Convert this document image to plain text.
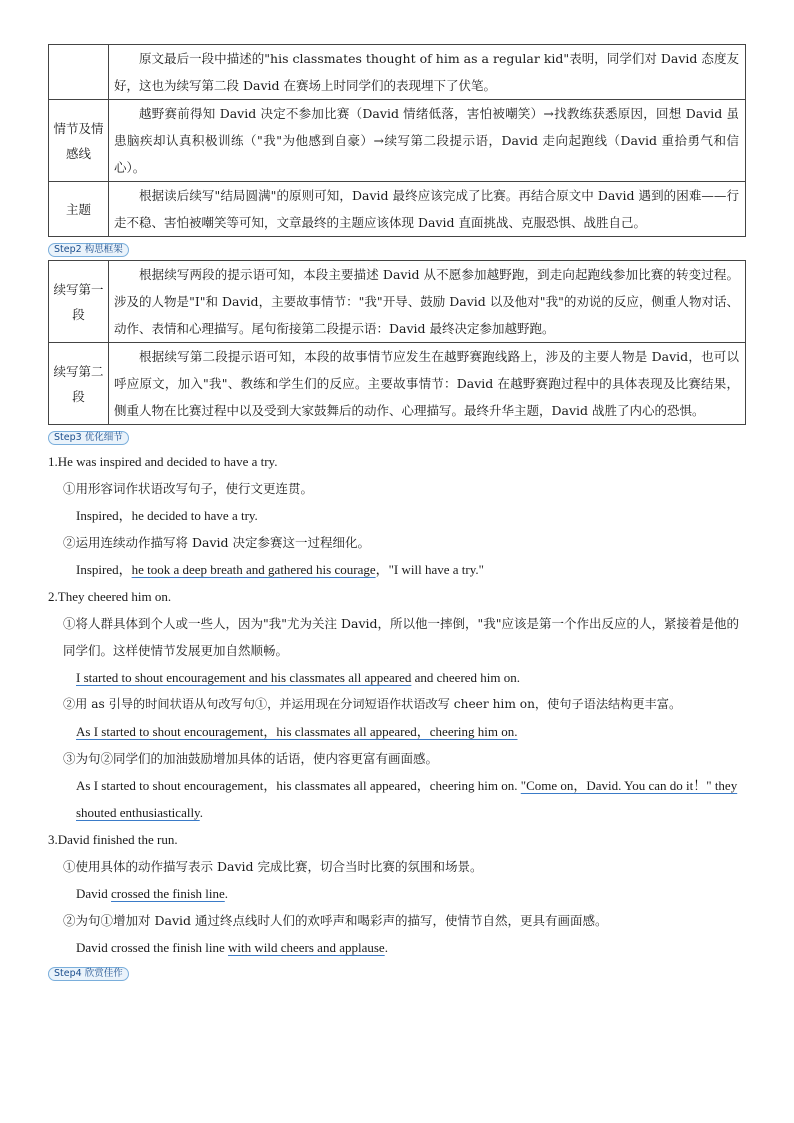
	原文最后一段中描述的"his classmates thought of him as a regular kid"表明，同学们对 David 态度友好，这也为续写第二段 David 在赛场上时同学们的表现埋下了伏笔。

情节及情感线	越野赛前得知 David 决定不参加比赛（David 情绪低落，害怕被嘲笑）→找教练获悉原因，回想 David 虽患脑疾却认真积极训练（"我"为他感到自豪）→续写第二段提示语，David 走向起跑线（David 重拾勇气和信心）。

主题	根据读后续写"结局圆满"的原则可知，David 最终应该完成了比赛。再结合原文中 David 遇到的困难——行走不稳、害怕被嘲笑等可知，文章最终的主题应该体现 David 直面挑战、克服恐惧、战胜自己。
Step2 构思框架
续写第一段	根据续写两段的提示语可知，本段主要描述 David 从不愿参加越野跑，到走向起跑线参加比赛的转变过程。涉及的人物是"I"和 David，主要故事情节："我"开导、鼓励 David 以及他对"我"的劝说的反应，侧重人物对话、动作、表情和心理描写。尾句衔接第二段提示语：David 最终决定参加越野跑。

续写第二段	根据续写第二段提示语可知，本段的故事情节应发生在越野赛跑线路上，涉及的主要人物是 David，也可以呼应原文，加入"我"、教练和学生们的反应。主要故事情节：David 在越野赛跑过程中的具体表现及比赛结果，侧重人物在比赛过程中以及受到大家鼓舞后的动作、心理描写。最终升华主题，David 战胜了内心的恐惧。
Step3 优化细节
1.He was inspired and decided to have a try.
①用形容词作状语改写句子，使行文更连贯。
Inspired，he decided to have a try.
②运用连续动作描写将 David 决定参赛这一过程细化。
Inspired，he took a deep breath and gathered his courage，"I will have a try."
2.They cheered him on.
①将人群具体到个人或一些人，因为"我"尤为关注 David，所以他一摔倒，"我"应该是第一个作出反应的人，紧接着是他的同学们。这样使情节发展更加自然顺畅。
I started to shout encouragement and his classmates all appeared and cheered him on.
②用 as 引导的时间状语从句改写句①，并运用现在分词短语作状语改写 cheer him on，使句子语法结构更丰富。
As I started to shout encouragement，his classmates all appeared，cheering him on.
③为句②同学们的加油鼓励增加具体的话语，使内容更富有画面感。
As I started to shout encouragement，his classmates all appeared，cheering him on. "Come on，David. You can do it！" they shouted enthusiastically.
3.David finished the run.
①使用具体的动作描写表示 David 完成比赛，切合当时比赛的氛围和场景。
David crossed the finish line.
②为句①增加对 David 通过终点线时人们的欢呼声和喝彩声的描写，使情节自然，更具有画面感。
David crossed the finish line with wild cheers and applause.
Step4 欣赏佳作
